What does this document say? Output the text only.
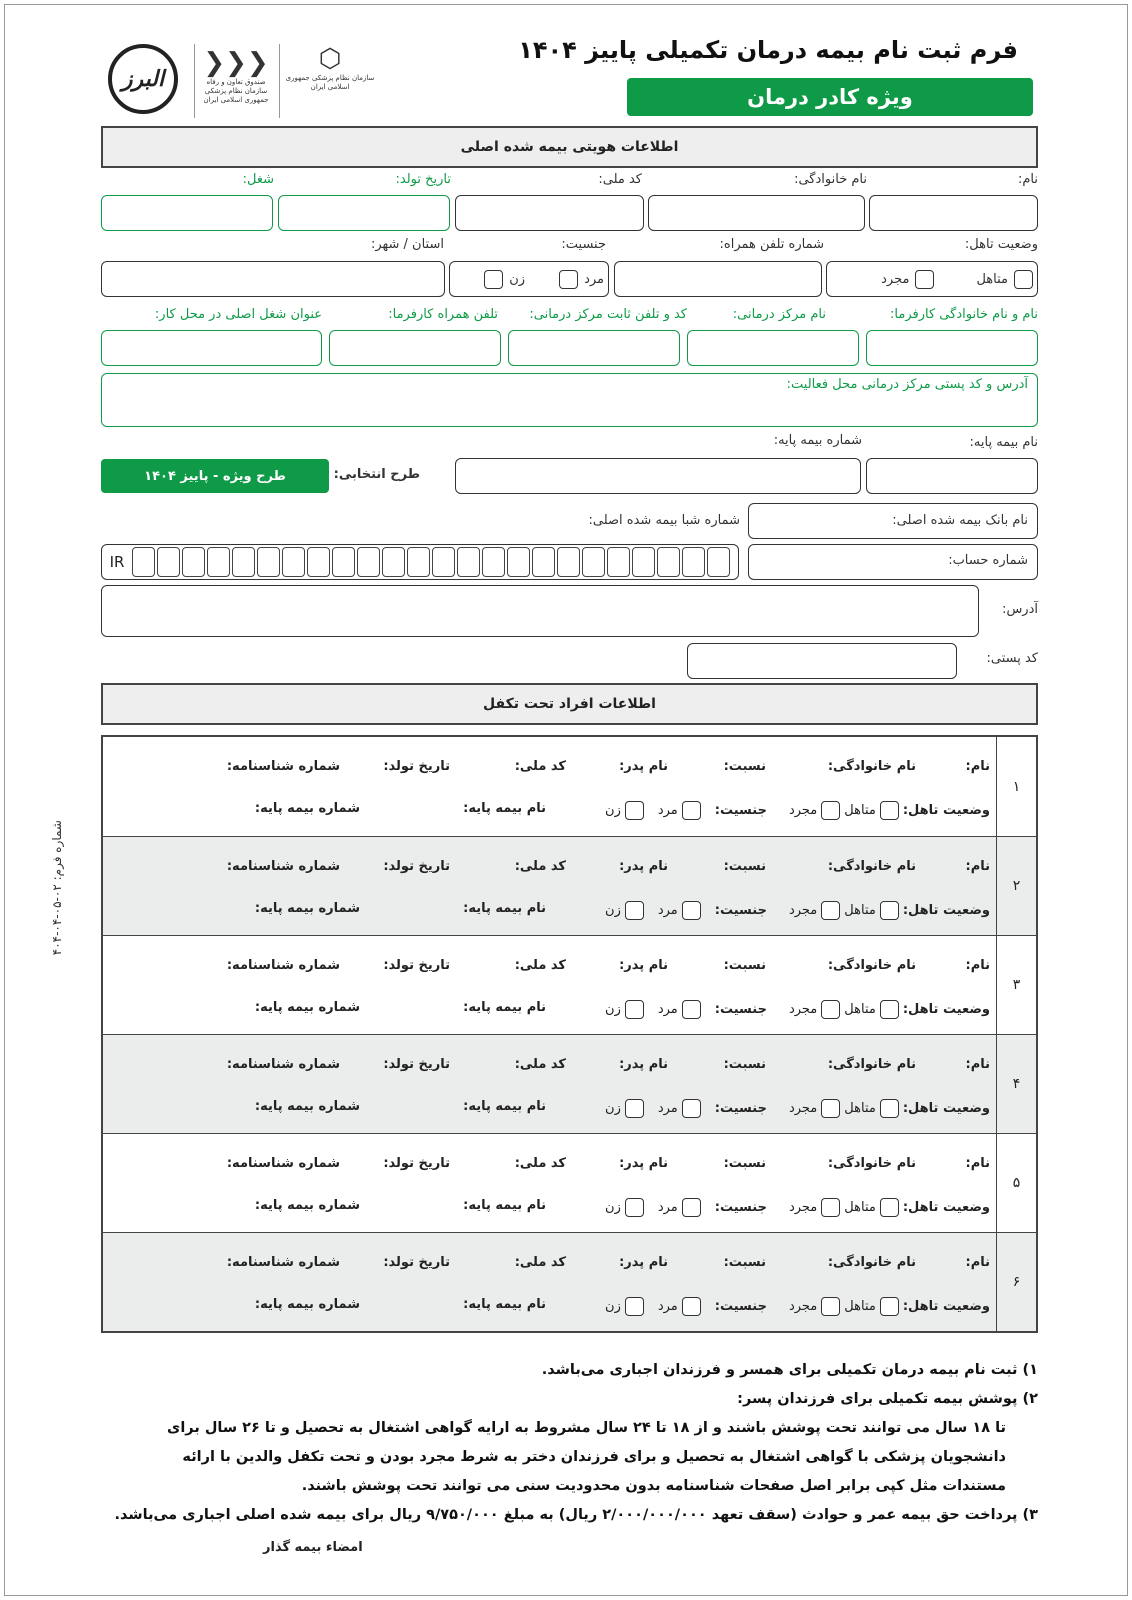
فرم ثبت نام بیمه درمان تکمیلی پاییز ۱۴۰۴
ویژه کادر درمان
البرز
❯❯❯
صندوق تعاون و رفاه
سازمان نظام پزشکی جمهوری اسلامی ایران
⬡
سازمان نظام پزشکی جمهوری اسلامی ایران
اطلاعات هویتی بیمه شده اصلی
نام:
نام خانوادگی:
کد ملی:
تاریخ تولد:
شغل:
وضعیت تاهل:
شماره تلفن همراه:
جنسیت:
استان / شهر:
متاهل
مجرد
مرد
زن
نام و نام خانوادگی کارفرما:
نام مرکز درمانی:
کد و تلفن ثابت مرکز درمانی:
تلفن همراه کارفرما:
عنوان شغل اصلی در محل کار:
آدرس و کد پستی مرکز درمانی محل فعالیت:
نام بیمه پایه:
شماره بیمه پایه:
طرح انتخابی:
طرح ویژه - پاییز ۱۴۰۴
نام بانک بیمه شده اصلی:
شماره شبا بیمه شده اصلی:
شماره حساب:
IR
آدرس:
کد پستی:
اطلاعات افراد تحت تکفل
۱
نام:
نام خانوادگی:
نسبت:
نام پدر:
کد ملی:
تاریخ تولد:
شماره شناسنامه:
وضعیت تاهل:
متاهل
مجرد
جنسیت:
مرد
زن
نام بیمه پایه:
شماره بیمه پایه:
۲
نام:
نام خانوادگی:
نسبت:
نام پدر:
کد ملی:
تاریخ تولد:
شماره شناسنامه:
وضعیت تاهل:
متاهل
مجرد
جنسیت:
مرد
زن
نام بیمه پایه:
شماره بیمه پایه:
۳
نام:
نام خانوادگی:
نسبت:
نام پدر:
کد ملی:
تاریخ تولد:
شماره شناسنامه:
وضعیت تاهل:
متاهل
مجرد
جنسیت:
مرد
زن
نام بیمه پایه:
شماره بیمه پایه:
۴
نام:
نام خانوادگی:
نسبت:
نام پدر:
کد ملی:
تاریخ تولد:
شماره شناسنامه:
وضعیت تاهل:
متاهل
مجرد
جنسیت:
مرد
زن
نام بیمه پایه:
شماره بیمه پایه:
۵
نام:
نام خانوادگی:
نسبت:
نام پدر:
کد ملی:
تاریخ تولد:
شماره شناسنامه:
وضعیت تاهل:
متاهل
مجرد
جنسیت:
مرد
زن
نام بیمه پایه:
شماره بیمه پایه:
۶
نام:
نام خانوادگی:
نسبت:
نام پدر:
کد ملی:
تاریخ تولد:
شماره شناسنامه:
وضعیت تاهل:
متاهل
مجرد
جنسیت:
مرد
زن
نام بیمه پایه:
شماره بیمه پایه:
۱) ثبت نام بیمه درمان تکمیلی برای همسر و فرزندان اجباری می‌باشد.
۲) پوشش بیمه تکمیلی برای فرزندان پسر:
تا ۱۸ سال می توانند تحت پوشش باشند و از ۱۸ تا ۲۴ سال مشروط به ارایه گواهی اشتغال به تحصیل و تا ۲۶ سال برای
دانشجویان پزشکی با گواهی اشتغال به تحصیل و برای فرزندان دختر به شرط مجرد بودن و تحت تکفل والدین با ارائه
مستندات مثل کپی برابر اصل صفحات شناسنامه بدون محدودیت سنی می توانند تحت پوشش باشند.
۳) پرداخت حق بیمه عمر و حوادث (سقف تعهد ۲/۰۰۰/۰۰۰/۰۰۰ ریال) به مبلغ ۹/۷۵۰/۰۰۰ ریال برای بیمه شده اصلی اجباری می‌باشد.
امضاء بیمه گذار
شماره فرم: ۰۲-۰۵-۰۴-۴۰۴
